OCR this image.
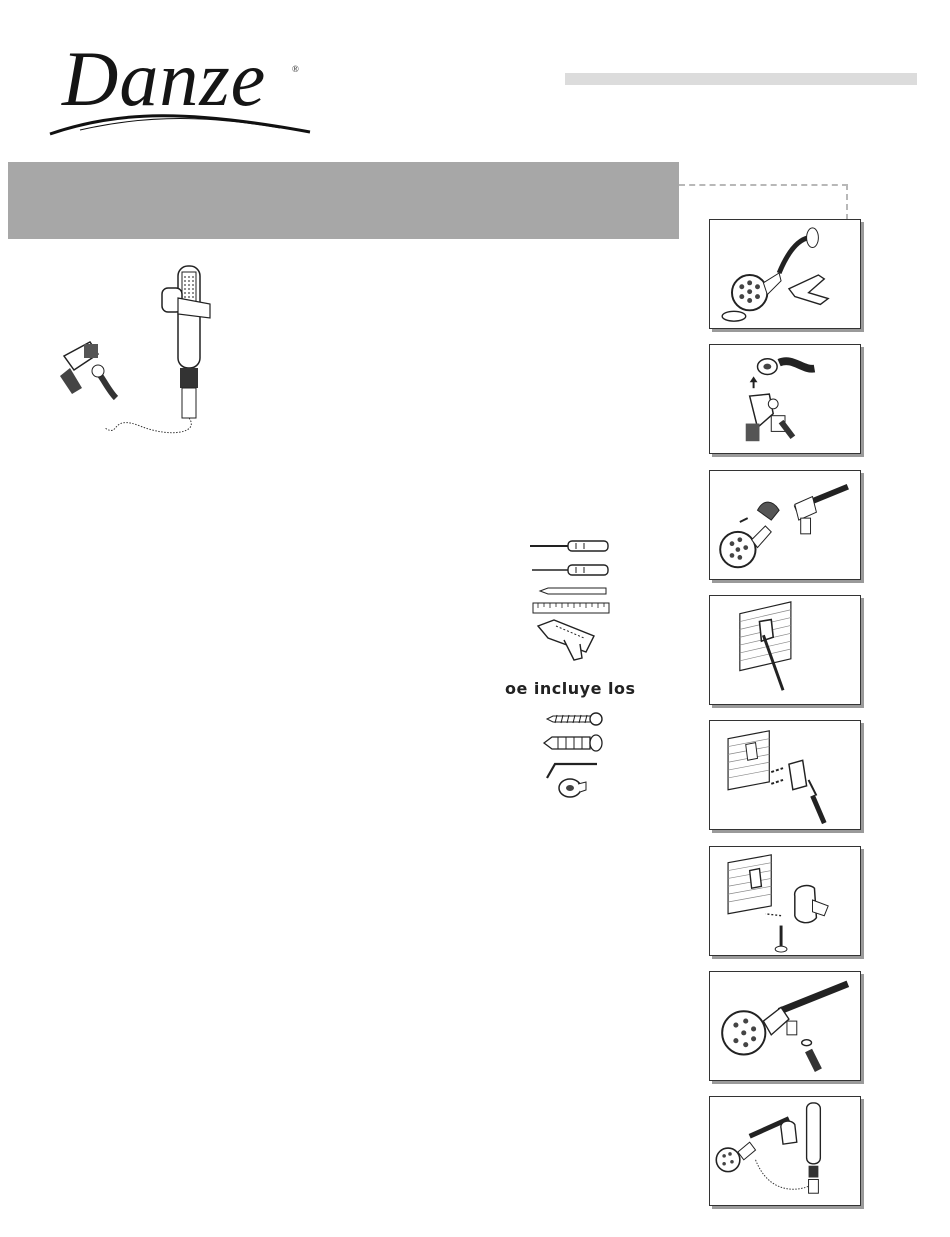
Danze	®
oe incluye los
